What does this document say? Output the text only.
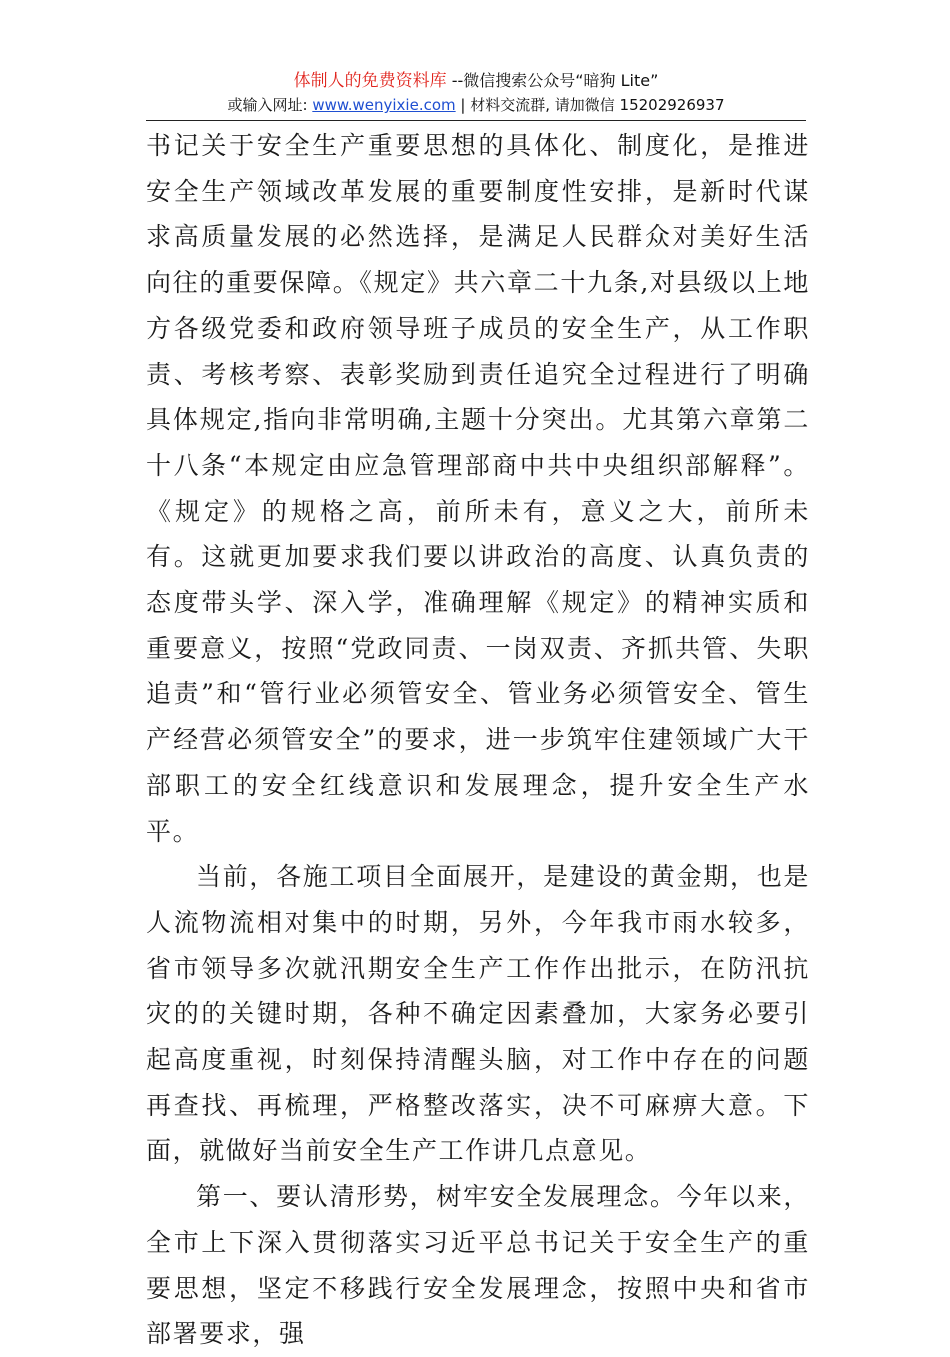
体制人的免费资料库 --微信搜索公众号“暗狗 Lite”
或输入网址: www.wenyixie.com | 材料交流群, 请加微信 15202926937

书记关于安全生产重要思想的具体化、制度化，是推进安全生产领域改革发展的重要制度性安排，是新时代谋求高质量发展的必然选择，是满足人民群众对美好生活向往的重要保障。《规定》共六章二十九条,对县级以上地方各级党委和政府领导班子成员的安全生产，从工作职责、考核考察、表彰奖励到责任追究全过程进行了明确具体规定,指向非常明确,主题十分突出。尤其第六章第二十八条“本规定由应急管理部商中共中央组织部解释”。《规定》的规格之高，前所未有，意义之大，前所未有。这就更加要求我们要以讲政治的高度、认真负责的态度带头学、深入学，准确理解《规定》的精神实质和重要意义，按照“党政同责、一岗双责、齐抓共管、失职追责”和“管行业必须管安全、管业务必须管安全、管生产经营必须管安全”的要求，进一步筑牢住建领域广大干部职工的安全红线意识和发展理念，提升安全生产水平。

当前，各施工项目全面展开，是建设的黄金期，也是人流物流相对集中的时期，另外，今年我市雨水较多，省市领导多次就汛期安全生产工作作出批示，在防汛抗灾的的关键时期，各种不确定因素叠加，大家务必要引起高度重视，时刻保持清醒头脑，对工作中存在的问题再查找、再梳理，严格整改落实，决不可麻痹大意。下面，就做好当前安全生产工作讲几点意见。

第一、要认清形势，树牢安全发展理念。今年以来，全市上下深入贯彻落实习近平总书记关于安全生产的重要思想，坚定不移践行安全发展理念，按照中央和省市部署要求，强
